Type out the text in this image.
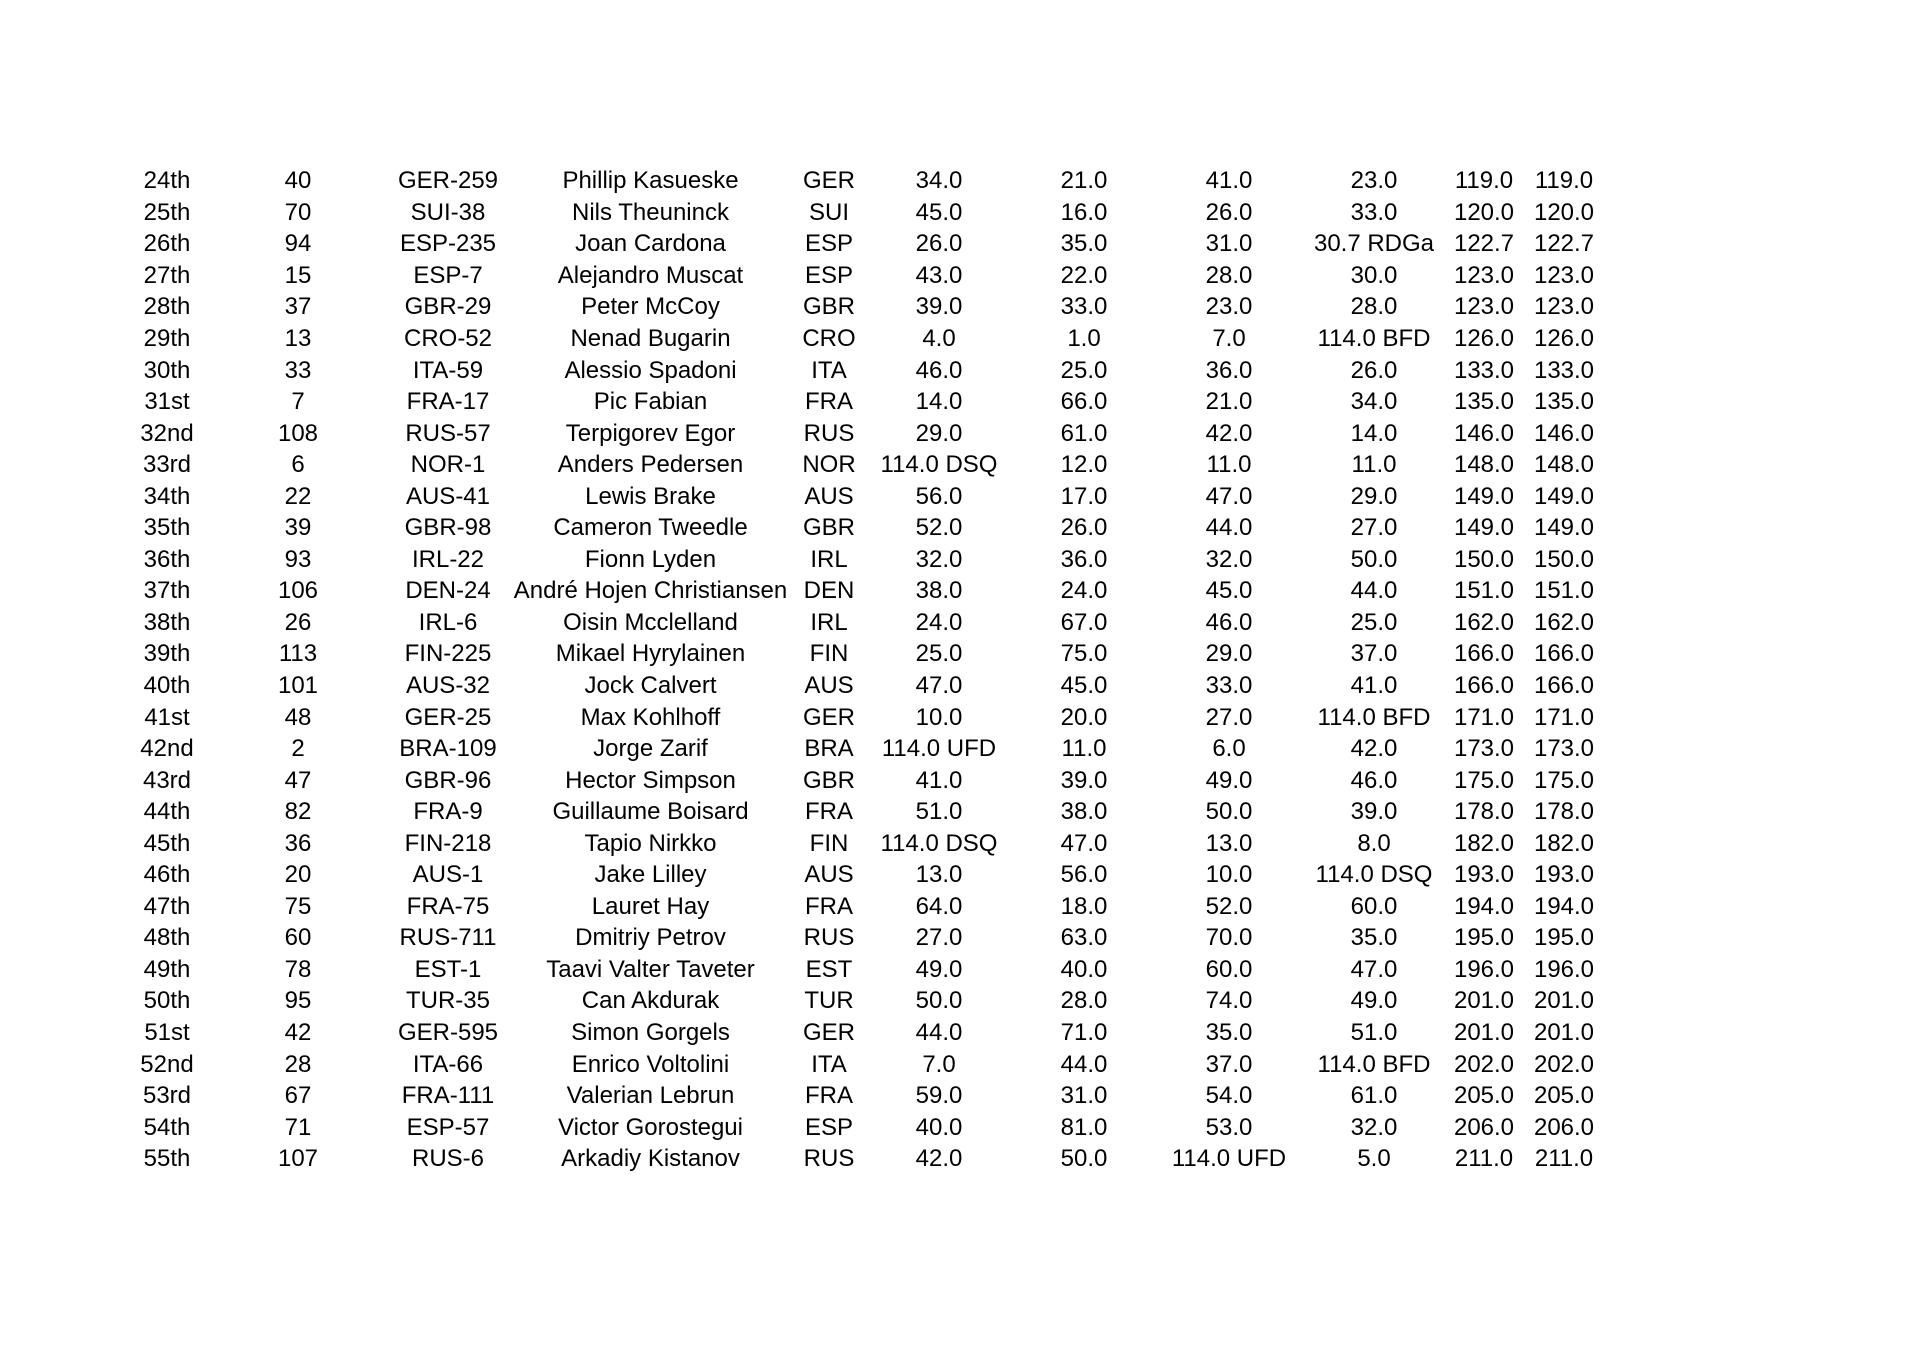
24th	40	GER-259	Phillip Kasueske	GER	34.0	21.0	41.0	23.0	119.0	119.0
25th	70	SUI-38	Nils Theuninck	SUI	45.0	16.0	26.0	33.0	120.0	120.0
26th	94	ESP-235	Joan Cardona	ESP	26.0	35.0	31.0	30.7 RDGa	122.7	122.7
27th	15	ESP-7	Alejandro Muscat	ESP	43.0	22.0	28.0	30.0	123.0	123.0
28th	37	GBR-29	Peter McCoy	GBR	39.0	33.0	23.0	28.0	123.0	123.0
29th	13	CRO-52	Nenad Bugarin	CRO	4.0	1.0	7.0	114.0 BFD	126.0	126.0
30th	33	ITA-59	Alessio Spadoni	ITA	46.0	25.0	36.0	26.0	133.0	133.0
31st	7	FRA-17	Pic Fabian	FRA	14.0	66.0	21.0	34.0	135.0	135.0
32nd	108	RUS-57	Terpigorev Egor	RUS	29.0	61.0	42.0	14.0	146.0	146.0
33rd	6	NOR-1	Anders Pedersen	NOR	114.0 DSQ	12.0	11.0	11.0	148.0	148.0
34th	22	AUS-41	Lewis Brake	AUS	56.0	17.0	47.0	29.0	149.0	149.0
35th	39	GBR-98	Cameron Tweedle	GBR	52.0	26.0	44.0	27.0	149.0	149.0
36th	93	IRL-22	Fionn Lyden	IRL	32.0	36.0	32.0	50.0	150.0	150.0
37th	106	DEN-24	André Hojen Christiansen	DEN	38.0	24.0	45.0	44.0	151.0	151.0
38th	26	IRL-6	Oisin Mcclelland	IRL	24.0	67.0	46.0	25.0	162.0	162.0
39th	113	FIN-225	Mikael Hyrylainen	FIN	25.0	75.0	29.0	37.0	166.0	166.0
40th	101	AUS-32	Jock Calvert	AUS	47.0	45.0	33.0	41.0	166.0	166.0
41st	48	GER-25	Max Kohlhoff	GER	10.0	20.0	27.0	114.0 BFD	171.0	171.0
42nd	2	BRA-109	Jorge Zarif	BRA	114.0 UFD	11.0	6.0	42.0	173.0	173.0
43rd	47	GBR-96	Hector Simpson	GBR	41.0	39.0	49.0	46.0	175.0	175.0
44th	82	FRA-9	Guillaume Boisard	FRA	51.0	38.0	50.0	39.0	178.0	178.0
45th	36	FIN-218	Tapio Nirkko	FIN	114.0 DSQ	47.0	13.0	8.0	182.0	182.0
46th	20	AUS-1	Jake Lilley	AUS	13.0	56.0	10.0	114.0 DSQ	193.0	193.0
47th	75	FRA-75	Lauret Hay	FRA	64.0	18.0	52.0	60.0	194.0	194.0
48th	60	RUS-711	Dmitriy Petrov	RUS	27.0	63.0	70.0	35.0	195.0	195.0
49th	78	EST-1	Taavi Valter Taveter	EST	49.0	40.0	60.0	47.0	196.0	196.0
50th	95	TUR-35	Can Akdurak	TUR	50.0	28.0	74.0	49.0	201.0	201.0
51st	42	GER-595	Simon Gorgels	GER	44.0	71.0	35.0	51.0	201.0	201.0
52nd	28	ITA-66	Enrico Voltolini	ITA	7.0	44.0	37.0	114.0 BFD	202.0	202.0
53rd	67	FRA-111	Valerian Lebrun	FRA	59.0	31.0	54.0	61.0	205.0	205.0
54th	71	ESP-57	Victor Gorostegui	ESP	40.0	81.0	53.0	32.0	206.0	206.0
55th	107	RUS-6	Arkadiy Kistanov	RUS	42.0	50.0	114.0 UFD	5.0	211.0	211.0
